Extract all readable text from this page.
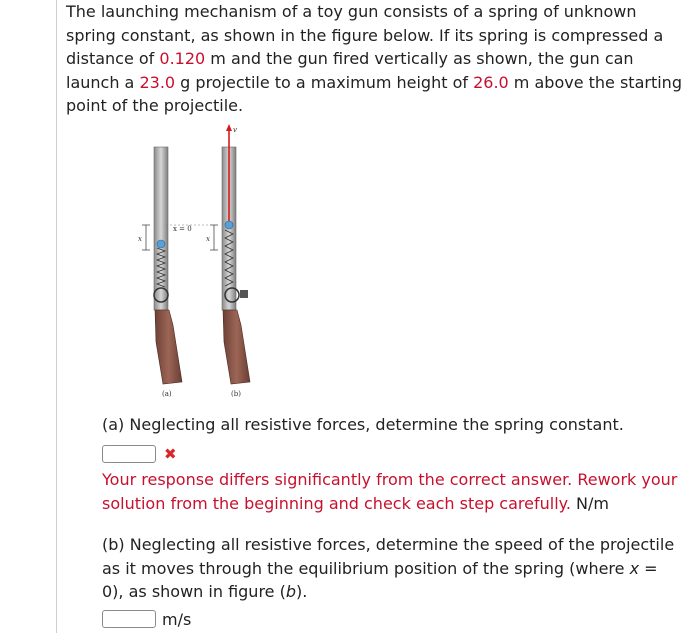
The launching mechanism of a toy gun consists of a spring of unknown spring constant, as shown in the figure below. If its spring is compressed a distance of 0.120 m and the gun fired vertically as shown, the gun can launch a 23.0 g projectile to a maximum height of 26.0 m above the starting point of the projectile.
x
x = 0
(a)
v
x
(b)
(a) Neglecting all resistive forces, determine the spring constant.
✖
Your response differs significantly from the correct answer. Rework your solution from the beginning and check each step carefully. N/m
(b) Neglecting all resistive forces, determine the speed of the projectile as it moves through the equilibrium position of the spring (where x = 0), as shown in figure (b).
m/s
